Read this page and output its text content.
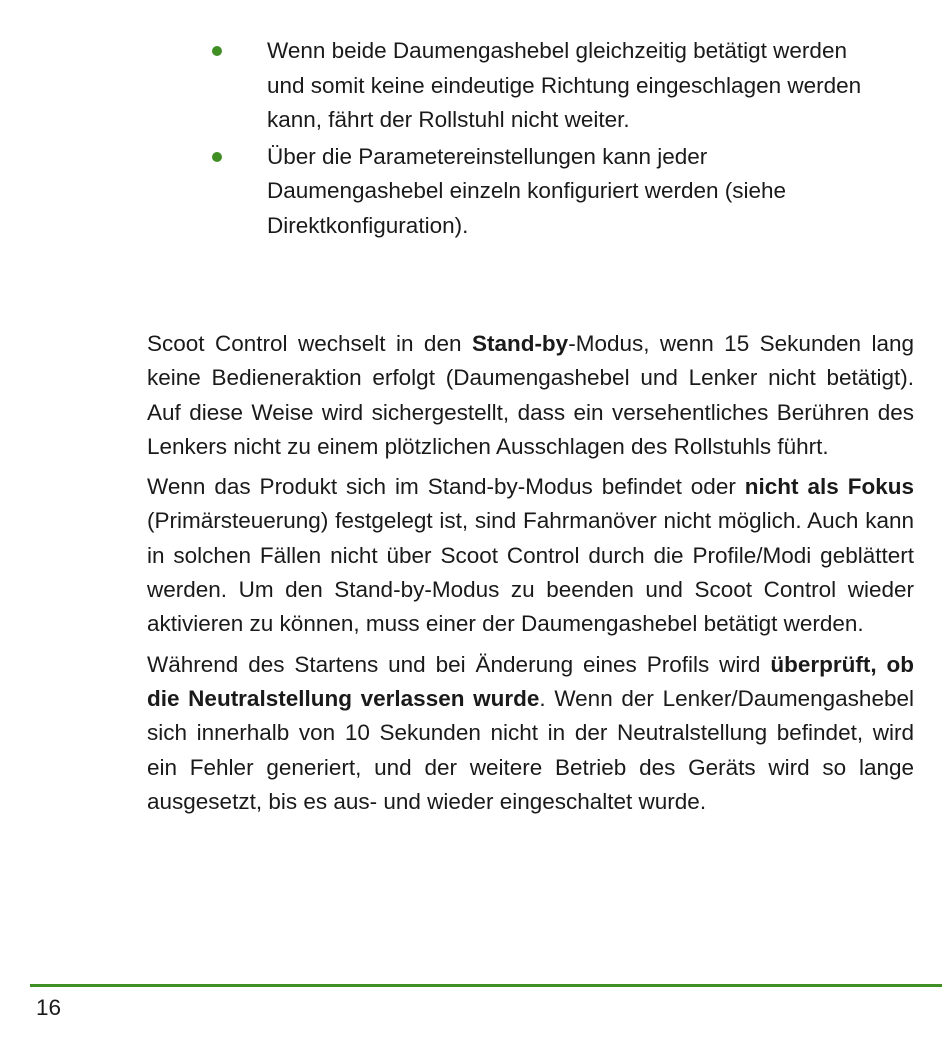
Wenn beide Daumengashebel gleichzeitig betätigt werden und somit keine eindeutige Richtung eingeschlagen werden kann, fährt der Rollstuhl nicht weiter.
Über die Parametereinstellungen kann jeder Daumengashebel einzeln konfiguriert werden (siehe Direktkonfiguration).

Scoot Control wechselt in den Stand-by-Modus, wenn 15 Sekunden lang keine Bedieneraktion erfolgt (Daumengashebel und Lenker nicht betätigt). Auf diese Weise wird sichergestellt, dass ein versehentliches Berühren des Lenkers nicht zu einem plötzlichen Ausschlagen des Rollstuhls führt.

Wenn das Produkt sich im Stand-by-Modus befindet oder nicht als Fokus (Primärsteuerung) festgelegt ist, sind Fahrmanöver nicht möglich. Auch kann in solchen Fällen nicht über Scoot Control durch die Profile/Modi geblättert werden. Um den Stand-by-Modus zu beenden und Scoot Control wieder aktivieren zu können, muss einer der Daumengashebel betätigt werden.

Während des Startens und bei Änderung eines Profils wird überprüft, ob die Neutralstellung verlassen wurde. Wenn der Lenker/Daumengashebel sich innerhalb von 10 Sekunden nicht in der Neutralstellung befindet, wird ein Fehler generiert, und der weitere Betrieb des Geräts wird so lange ausgesetzt, bis es aus- und wieder eingeschaltet wurde.

16
